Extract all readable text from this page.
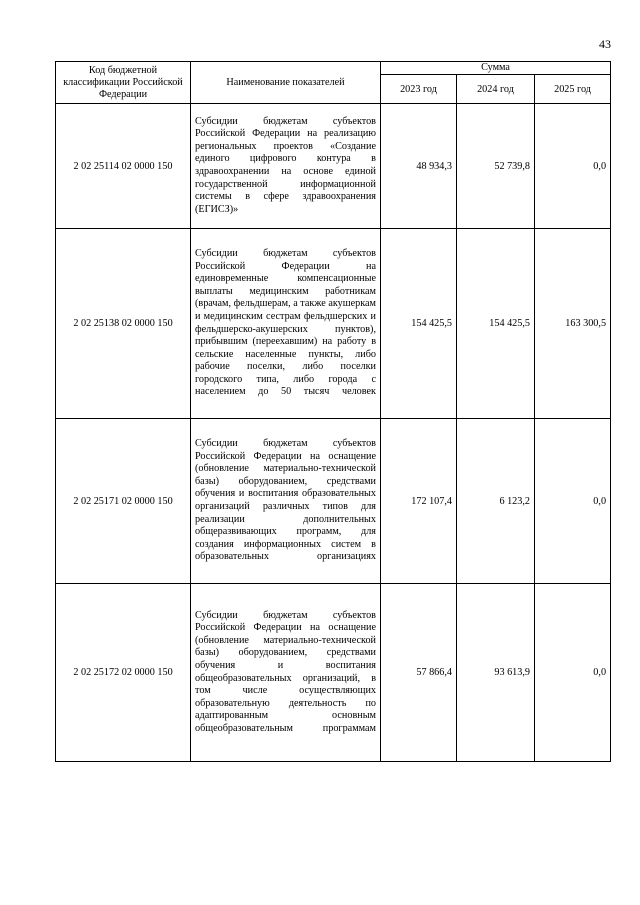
43
Код бюджетной классификации Российской Федерации	Наименование показателей	Сумма		
		2023 год	2024 год	2025 год
2 02 25114 02 0000 150	Субсидии бюджетам субъектов Российской Федерации на реализацию региональных проектов «Создание единого цифрового контура в здравоохранении на основе единой государственной информационной системы в сфере здравоохранения (ЕГИСЗ)»	48 934,3	52 739,8	0,0
2 02 25138 02 0000 150	Субсидии бюджетам субъектов Российской Федерации на единовременные компенсационные выплаты медицинским работникам (врачам, фельдшерам, а также акушеркам и медицинским сестрам фельдшерских и фельдшерско-акушерских пунктов), прибывшим (переехавшим) на работу в сельские населенные пункты, либо рабочие поселки, либо поселки городского типа, либо города с населением до 50 тысяч человек	154 425,5	154 425,5	163 300,5
2 02 25171 02 0000 150	Субсидии бюджетам субъектов Российской Федерации на оснащение (обновление материально-технической базы) оборудованием, средствами обучения и воспитания образовательных организаций различных типов для реализации дополнительных общеразвивающих программ, для создания информационных систем в образовательных организациях	172 107,4	6 123,2	0,0
2 02 25172 02 0000 150	Субсидии бюджетам субъектов Российской Федерации на оснащение (обновление материально-технической базы) оборудованием, средствами обучения и воспитания общеобразовательных организаций, в том числе осуществляющих образовательную деятельность по адаптированным основным общеобразовательным программам	57 866,4	93 613,9	0,0
